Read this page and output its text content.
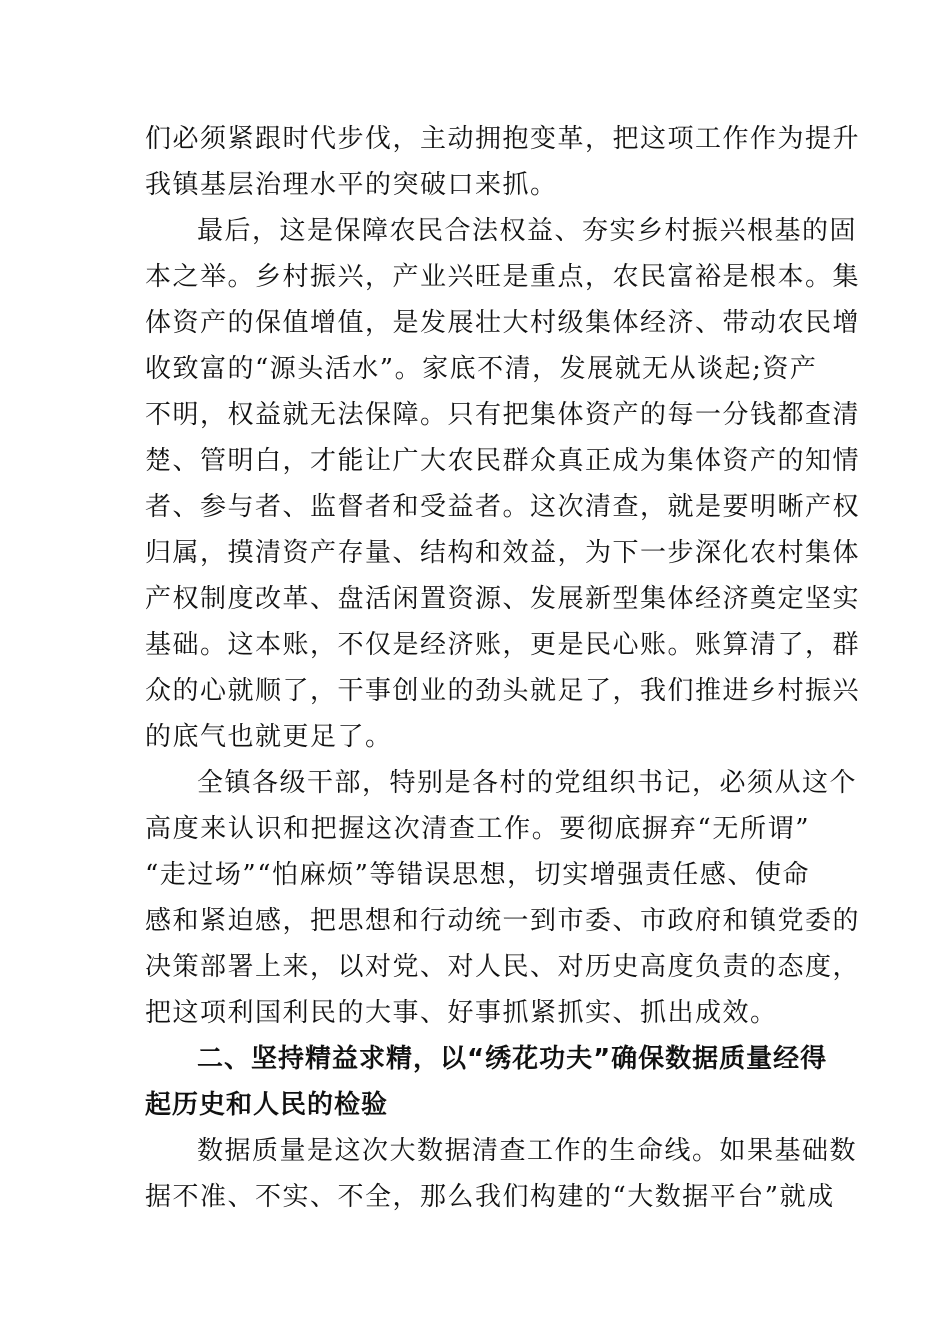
们必须紧跟时代步伐，主动拥抱变革，把这项工作作为提升
我镇基层治理水平的突破口来抓。
最后，这是保障农民合法权益、夯实乡村振兴根基的固
本之举。乡村振兴，产业兴旺是重点，农民富裕是根本。集
体资产的保值增值，是发展壮大村级集体经济、带动农民增
收致富的“源头活水”。家底不清，发展就无从谈起;资产
不明，权益就无法保障。只有把集体资产的每一分钱都查清
楚、管明白，才能让广大农民群众真正成为集体资产的知情
者、参与者、监督者和受益者。这次清查，就是要明晰产权
归属，摸清资产存量、结构和效益，为下一步深化农村集体
产权制度改革、盘活闲置资源、发展新型集体经济奠定坚实
基础。这本账，不仅是经济账，更是民心账。账算清了，群
众的心就顺了，干事创业的劲头就足了，我们推进乡村振兴
的底气也就更足了。
全镇各级干部，特别是各村的党组织书记，必须从这个
高度来认识和把握这次清查工作。要彻底摒弃“无所谓”
“走过场”“怕麻烦”等错误思想，切实增强责任感、使命
感和紧迫感，把思想和行动统一到市委、市政府和镇党委的
决策部署上来，以对党、对人民、对历史高度负责的态度，
把这项利国利民的大事、好事抓紧抓实、抓出成效。
二、坚持精益求精，以“绣花功夫”确保数据质量经得
起历史和人民的检验
数据质量是这次大数据清查工作的生命线。如果基础数
据不准、不实、不全，那么我们构建的“大数据平台”就成
